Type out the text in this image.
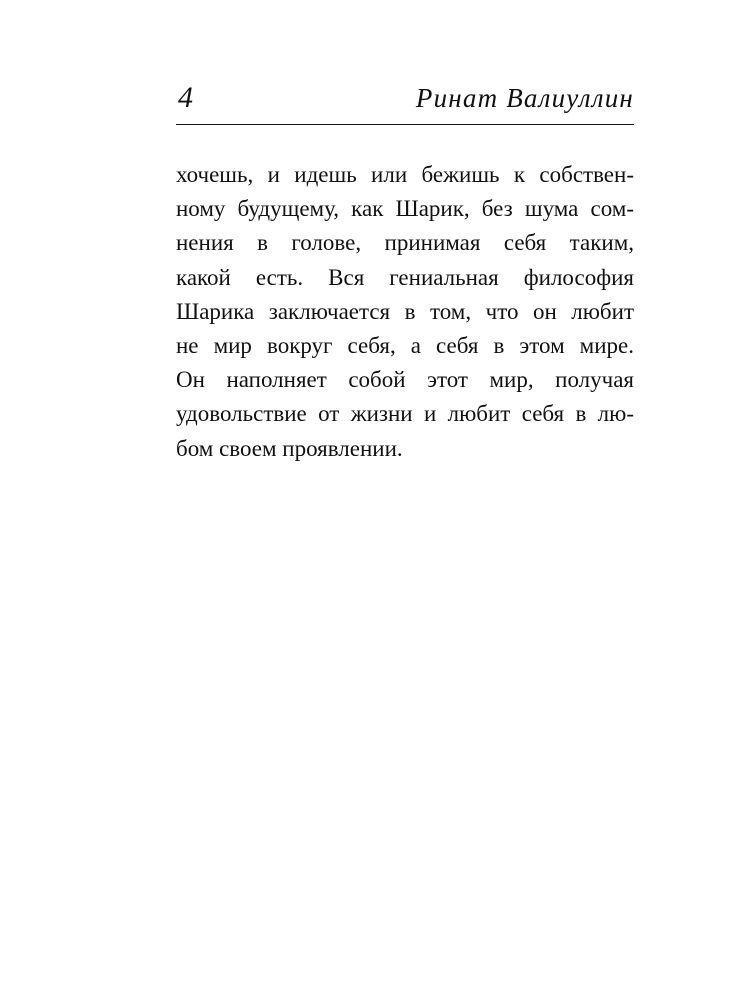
4	Ринат Валиуллин
хочешь, и идешь или бежишь к собствен-
ному будущему, как Шарик, без шума сом-
нения в голове, принимая себя таким,
какой есть. Вся гениальная философия
Шарика заключается в том, что он любит
не мир вокруг себя, а себя в этом мире.
Он наполняет собой этот мир, получая
удовольствие от жизни и любит себя в лю-
бом своем проявлении.
